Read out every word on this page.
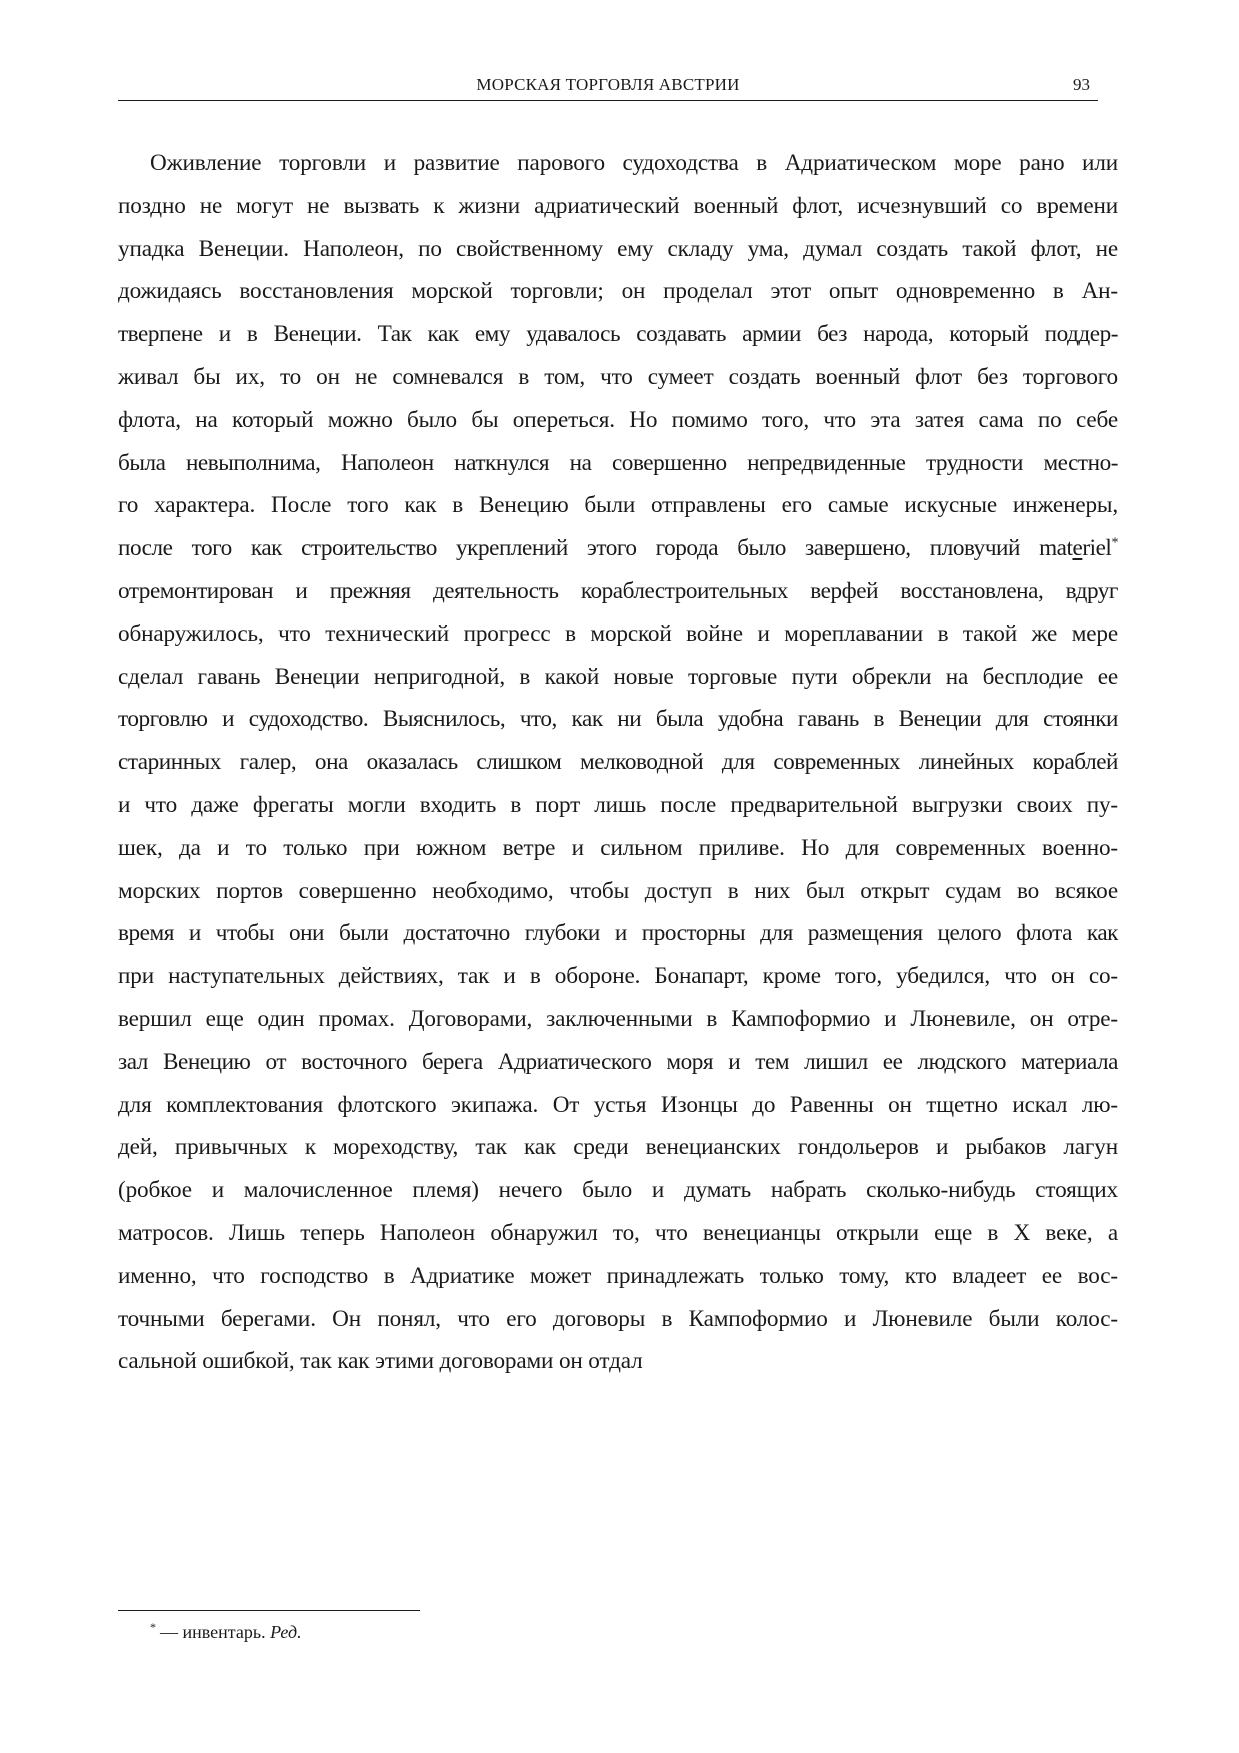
МОРСКАЯ ТОРГОВЛЯ АВСТРИИ	93
Оживление торговли и развитие парового судоходства в Адриатическом море рано или
поздно не могут не вызвать к жизни адриатический военный флот, исчезнувший со времени
упадка Венеции. Наполеон, по свойственному ему складу ума, думал создать такой флот, не
дожидаясь восстановления морской торговли; он проделал этот опыт одновременно в Ан-
тверпене и в Венеции. Так как ему удавалось создавать армии без народа, который поддер-
живал бы их, то он не сомневался в том, что сумеет создать военный флот без торгового
флота, на который можно было бы опереться. Но помимо того, что эта затея сама по себе
была невыполнима, Наполеон наткнулся на совершенно непредвиденные трудности местно-
го характера. После того как в Венецию были отправлены его самые искусные инженеры,
после того как строительство укреплений этого города было завершено, пловучий materiel*
отремонтирован и прежняя деятельность кораблестроительных верфей восстановлена, вдруг
обнаружилось, что технический прогресс в морской войне и мореплавании в такой же мере
сделал гавань Венеции непригодной, в какой новые торговые пути обрекли на бесплодие ее
торговлю и судоходство. Выяснилось, что, как ни была удобна гавань в Венеции для стоянки
старинных галер, она оказалась слишком мелководной для современных линейных кораблей
и что даже фрегаты могли входить в порт лишь после предварительной выгрузки своих пу-
шек, да и то только при южном ветре и сильном приливе. Но для современных военно-
морских портов совершенно необходимо, чтобы доступ в них был открыт судам во всякое
время и чтобы они были достаточно глубоки и просторны для размещения целого флота как
при наступательных действиях, так и в обороне. Бонапарт, кроме того, убедился, что он со-
вершил еще один промах. Договорами, заключенными в Кампоформио и Люневиле, он отре-
зал Венецию от восточного берега Адриатического моря и тем лишил ее людского материала
для комплектования флотского экипажа. От устья Изонцы до Равенны он тщетно искал лю-
дей, привычных к мореходству, так как среди венецианских гондольеров и рыбаков лагун
(робкое и малочисленное племя) нечего было и думать набрать сколько-нибудь стоящих
матросов. Лишь теперь Наполеон обнаружил то, что венецианцы открыли еще в X веке, а
именно, что господство в Адриатике может принадлежать только тому, кто владеет ее вос-
точными берегами. Он понял, что его договоры в Кампоформио и Люневиле были колос-
сальной ошибкой, так как этими договорами он отдал
* — инвентарь. Ред.
